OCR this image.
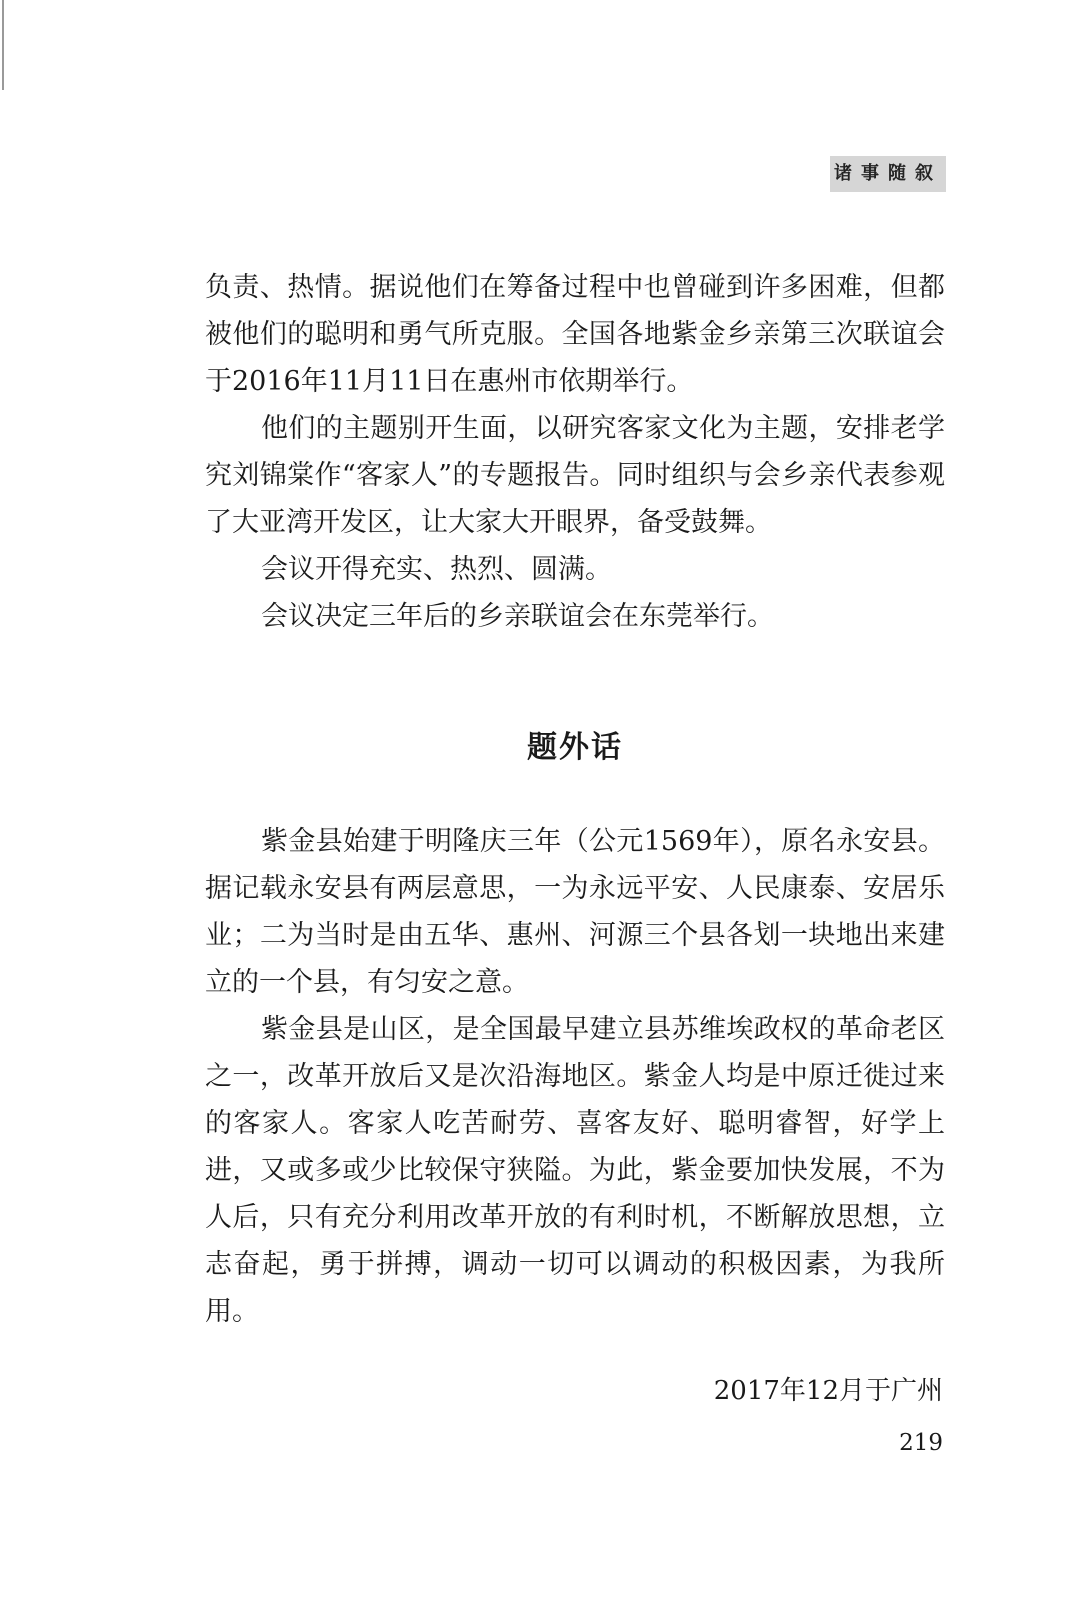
诸事随叙

负责、热情。据说他们在筹备过程中也曾碰到许多困难，但都被他们的聪明和勇气所克服。全国各地紫金乡亲第三次联谊会于2016年11月11日在惠州市依期举行。

他们的主题别开生面，以研究客家文化为主题，安排老学究刘锦棠作“客家人”的专题报告。同时组织与会乡亲代表参观了大亚湾开发区，让大家大开眼界，备受鼓舞。

会议开得充实、热烈、圆满。

会议决定三年后的乡亲联谊会在东莞举行。

题外话

紫金县始建于明隆庆三年（公元1569年），原名永安县。据记载永安县有两层意思，一为永远平安、人民康泰、安居乐业；二为当时是由五华、惠州、河源三个县各划一块地出来建立的一个县，有匀安之意。

紫金县是山区，是全国最早建立县苏维埃政权的革命老区之一，改革开放后又是次沿海地区。紫金人均是中原迁徙过来的客家人。客家人吃苦耐劳、喜客友好、聪明睿智，好学上进，又或多或少比较保守狭隘。为此，紫金要加快发展，不为人后，只有充分利用改革开放的有利时机，不断解放思想，立志奋起，勇于拼搏，调动一切可以调动的积极因素，为我所用。

2017年12月于广州

219
